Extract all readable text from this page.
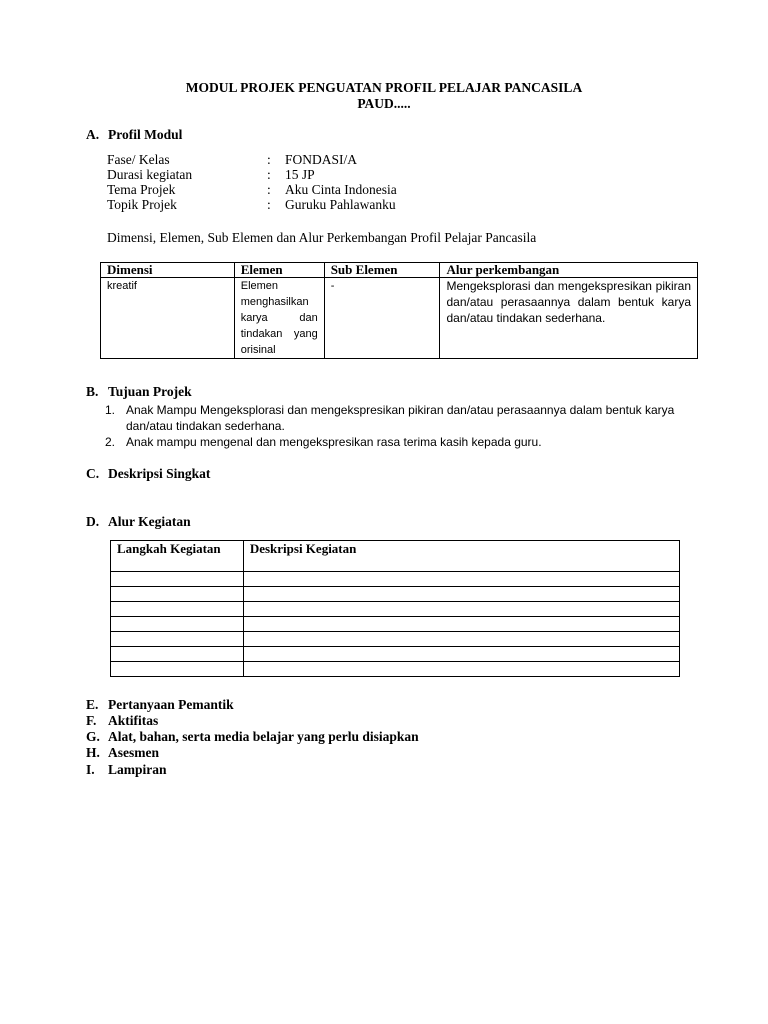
MODUL PROJEK PENGUATAN PROFIL PELAJAR PANCASILA
PAUD.....
A. Profil Modul
Fase/ Kelas	: FONDASI/A
Durasi kegiatan	: 15 JP
Tema Projek	: Aku Cinta Indonesia
Topik Projek	: Guruku Pahlawanku
Dimensi, Elemen, Sub Elemen dan Alur Perkembangan Profil Pelajar Pancasila
Dimensi	Elemen	Sub Elemen	Alur perkembangan
kreatif	Elemen menghasilkan karya dan tindakan yang orisinal	-	Mengeksplorasi dan mengekspresikan pikiran dan/atau perasaannya dalam bentuk karya dan/atau tindakan sederhana.
B. Tujuan Projek
1. Anak Mampu Mengeksplorasi dan mengekspresikan pikiran dan/atau perasaannya dalam bentuk karya dan/atau tindakan sederhana.
2. Anak mampu mengenal dan mengekspresikan rasa terima kasih kepada guru.
C. Deskripsi Singkat
D. Alur Kegiatan
Langkah Kegiatan	Deskripsi Kegiatan

E. Pertanyaan Pemantik
F. Aktifitas
G. Alat, bahan, serta media belajar yang perlu disiapkan
H. Asesmen
I. Lampiran
